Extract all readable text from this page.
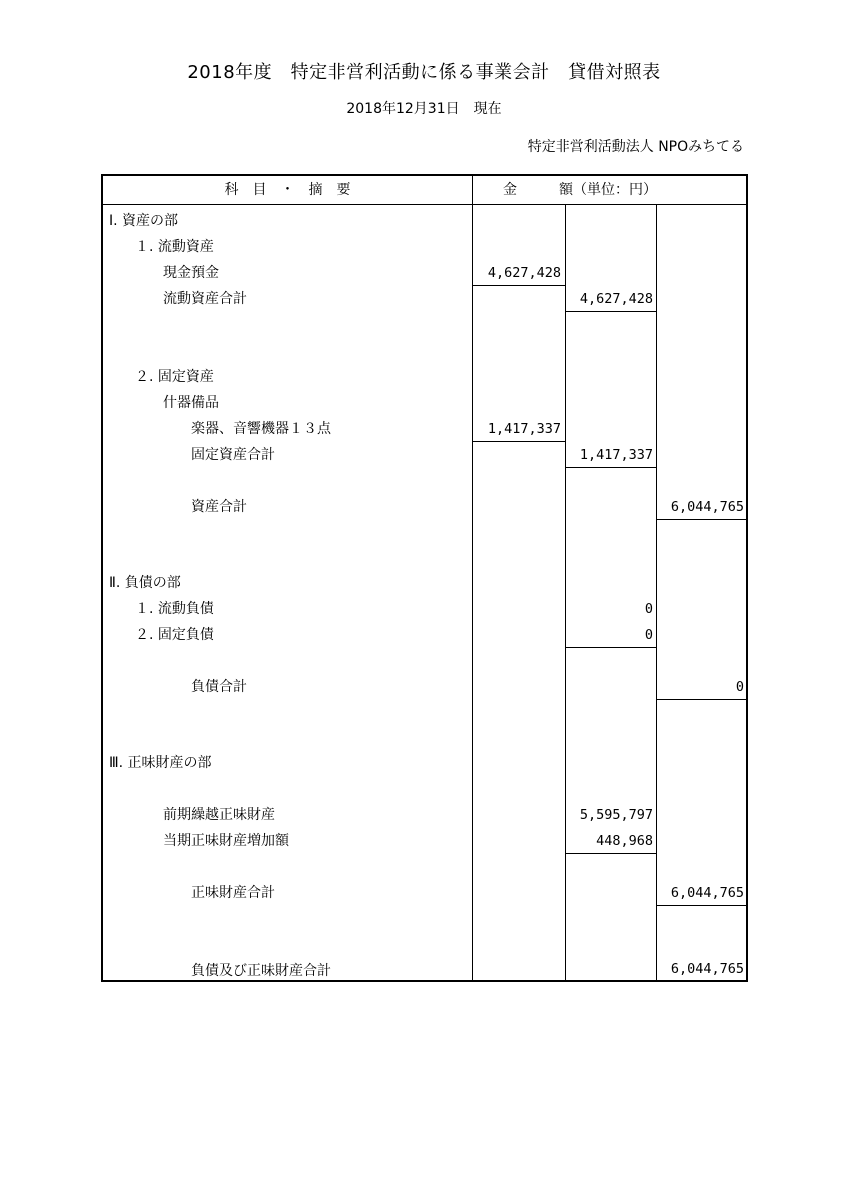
2018年度　特定非営利活動に係る事業会計　貸借対照表
2018年12月31日　現在
特定非営利活動法人 NPOみちてる
科　目　・　摘　要	金　　　額（単位：円）
Ⅰ. 資産の部
１. 流動資産
現金預金	4,627,428
流動資産合計	4,627,428
２. 固定資産
什器備品
楽器、音響機器１３点	1,417,337
固定資産合計	1,417,337
資産合計	6,044,765
Ⅱ. 負債の部
１. 流動負債	0
２. 固定負債	0
負債合計	0
Ⅲ. 正味財産の部
前期繰越正味財産	5,595,797
当期正味財産増加額	448,968
正味財産合計	6,044,765
負債及び正味財産合計	6,044,765
